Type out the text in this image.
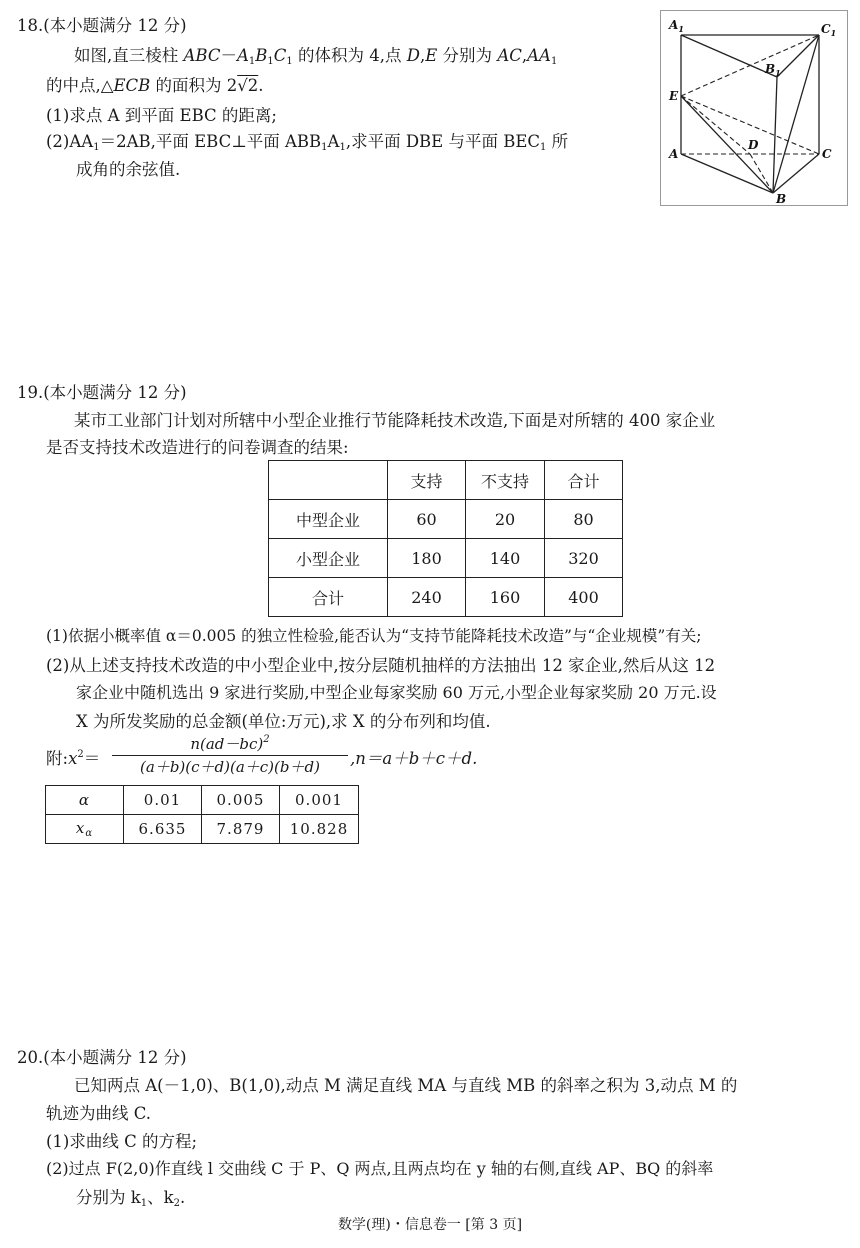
18.(本小题满分 12 分)
如图,直三棱柱 $ABC-A_1B_1C_1$ 的体积为 4,点 D,E 分别为 $AC,AA_1$
的中点,△ECB 的面积为 2√2.
(1)求点 A 到平面 EBC 的距离;
$(2)AA_1=2AB$,平面 EBC⊥平面 $ABB_1A_1$,求平面 DBE 与平面 $BEC_1$ 所
成角的余弦值.
$A_1$	$C_1$
$B_1$
E
A
D
C
B
19.(本小题满分 12 分)
某市工业部门计划对所辖中小型企业推行节能降耗技术改造,下面是对所辖的 400 家企业
是否支持技术改造进行的问卷调查的结果:
	支持	不支持	合计
中型企业	60	20	80
小型企业	180	140	320
合计	240	160	400
(1)依据小概率值 α＝0.005 的独立性检验,能否认为“支持节能降耗技术改造”与“企业规模”有关;
(2)从上述支持技术改造的中小型企业中,按分层随机抽样的方法抽出 12 家企业,然后从这 12
家企业中随机选出 9 家进行奖励,中型企业每家奖励 60 万元,小型企业每家奖励 20 万元.设
X 为所发奖励的总金额(单位:万元),求 X 的分布列和均值.
附$:x^2= \frac{n(ad-bc)^2}{(a+b)(c+d)(a+c)(b+d)} ,n=a+b+c+d$.
α	0.01	0.005	0.001
$x_\alpha$	6.635	7.879	10.828
20.(本小题满分 12 分)
已知两点 A(－1,0)、B(1,0),动点 M 满足直线 MA 与直线 MB 的斜率之积为 3,动点 M 的
轨迹为曲线 C.
(1)求曲线 C 的方程;
(2)过点 F(2,0)作直线 l 交曲线 C 于 P、Q 两点,且两点均在 y 轴的右侧,直线 AP、BQ 的斜率
分别为 $k_1$、$k_2$.
数学(理)・信息卷一 [第 3 页]
